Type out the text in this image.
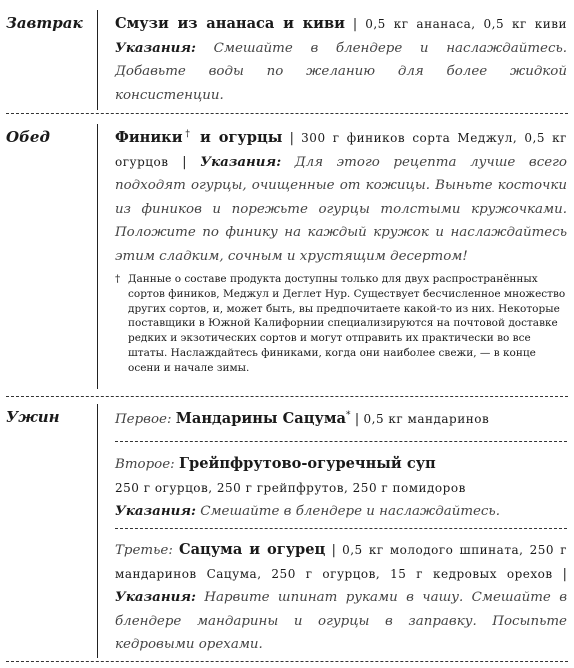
Завтрак Смузи из ананаса и киви | 0,5 кг ананаса, 0,5 кг киви Указания: Смешайте в блендере и наслаждайтесь. Добавьте воды по желанию для более жидкой консистенции.
Обед	Финики† и огурцы | 300 г фиников сорта Меджул, 0,5 кг огурцов | Указания: Для этого рецепта лучше всего подходят огурцы, очищенные от кожицы. Выньте косточки из фиников и порежьте огурцы толстыми кружочками. Положите по финику на каждый кружок и наслаждайтесь этим сладким, сочным и хрустящим десертом!
† Данные о составе продукта доступны только для двух распространённых сортов фиников, Меджул и Деглет Нур. Существует бесчисленное множество других сортов, и, может быть, вы предпочитаете какой-то из них. Некоторые поставщики в Южной Калифорнии специализируются на почтовой доставке редких и экзотических сортов и могут отправить их практически во все штаты. Наслаждайтесь финиками, когда они наиболее свежи, — в конце осени и начале зимы.
Ужин	Первое: Мандарины Сацума* | 0,5 кг мандаринов
Второе: Грейпфрутово-огуречный суп
250 г огурцов, 250 г грейпфрутов, 250 г помидоров
Указания: Смешайте в блендере и наслаждайтесь.
Третье: Сацума и огурец | 0,5 кг молодого шпината, 250 г мандаринов Сацума, 250 г огурцов, 15 г кедровых орехов | Указания: Нарвите шпинат руками в чашу. Смешайте в блендере мандарины и огурцы в заправку. Посыпьте кедровыми орехами.
